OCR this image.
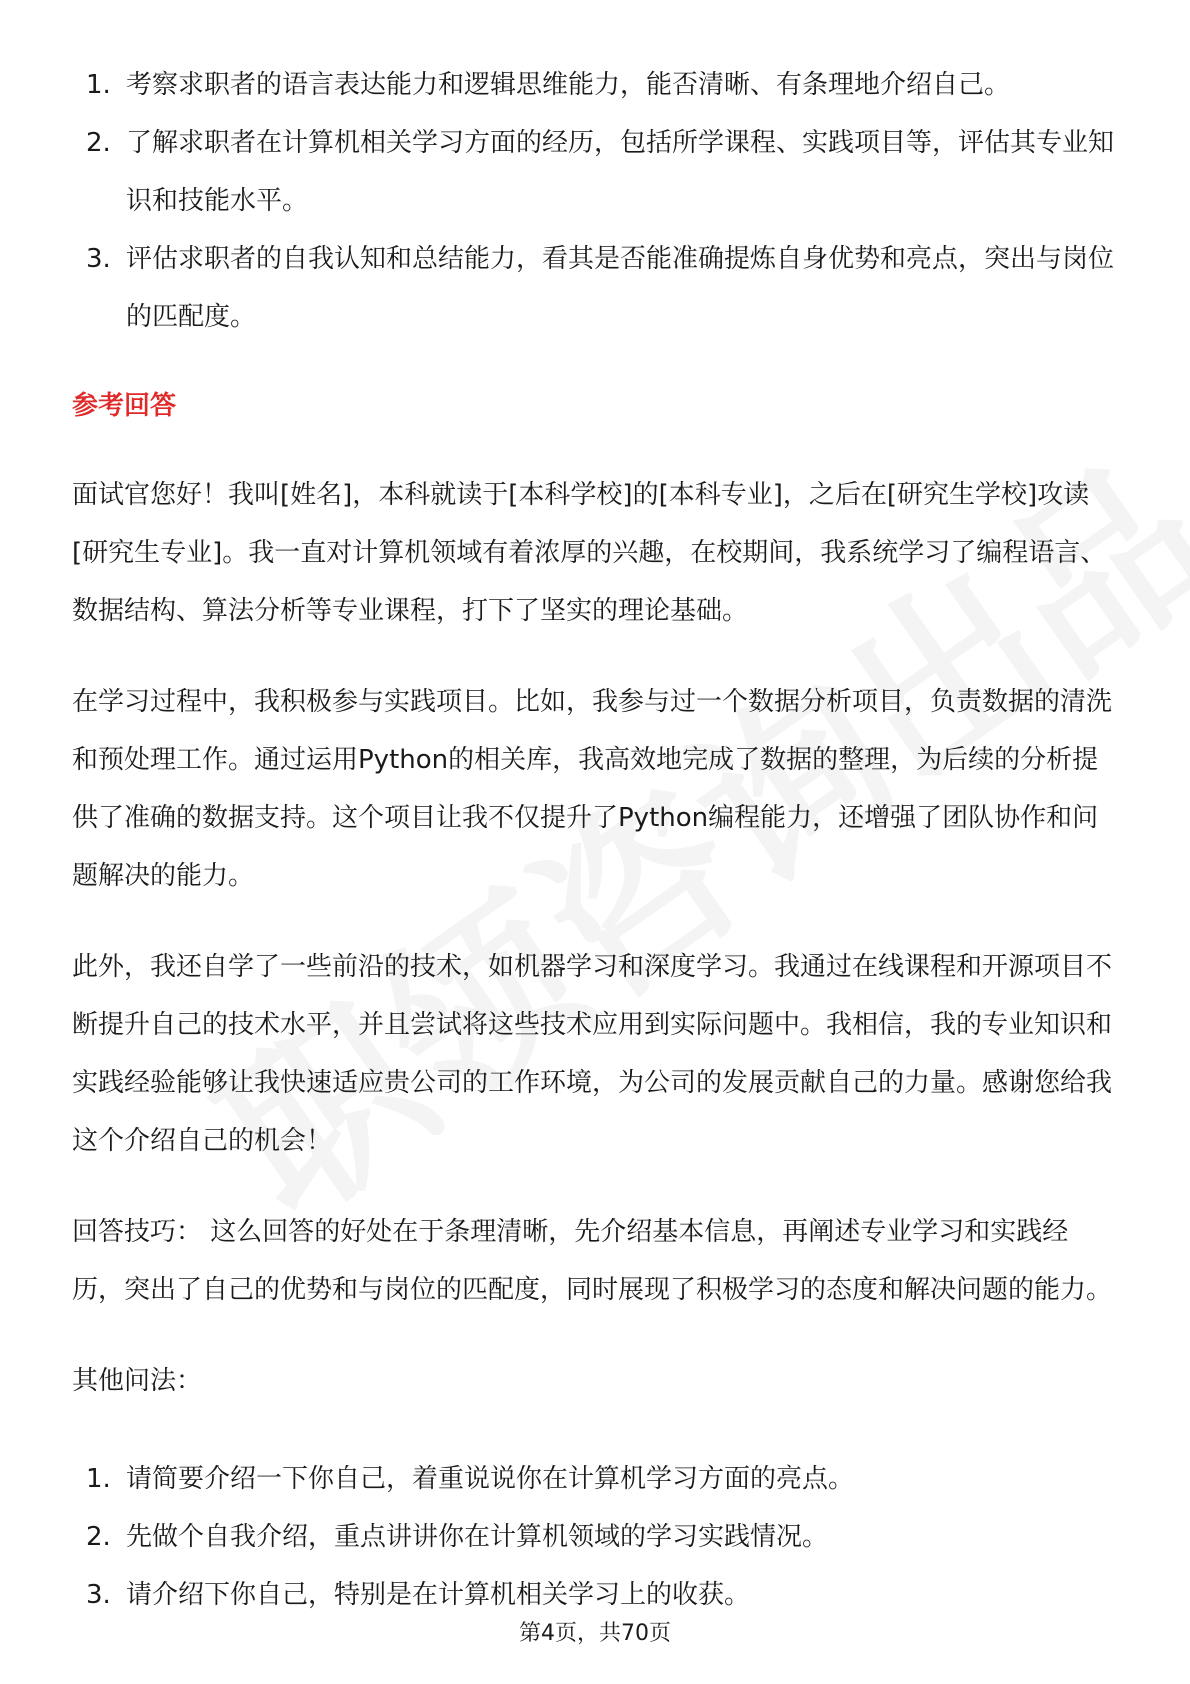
1. 考察求职者的语言表达能力和逻辑思维能力，能否清晰、有条理地介绍自己。
2. 了解求职者在计算机相关学习方面的经历，包括所学课程、实践项目等，评估其专业知识和技能水平。
3. 评估求职者的自我认知和总结能力，看其是否能准确提炼自身优势和亮点，突出与岗位的匹配度。
参考回答

面试官您好！我叫[姓名]，本科就读于[本科学校]的[本科专业]，之后在[研究生学校]攻读[研究生专业]。我一直对计算机领域有着浓厚的兴趣，在校期间，我系统学习了编程语言、数据结构、算法分析等专业课程，打下了坚实的理论基础。

在学习过程中，我积极参与实践项目。比如，我参与过一个数据分析项目，负责数据的清洗和预处理工作。通过运用Python的相关库，我高效地完成了数据的整理，为后续的分析提供了准确的数据支持。这个项目让我不仅提升了Python编程能力，还增强了团队协作和问题解决的能力。

此外，我还自学了一些前沿的技术，如机器学习和深度学习。我通过在线课程和开源项目不断提升自己的技术水平，并且尝试将这些技术应用到实际问题中。我相信，我的专业知识和实践经验能够让我快速适应贵公司的工作环境，为公司的发展贡献自己的力量。感谢您给我这个介绍自己的机会！

回答技巧： 这么回答的好处在于条理清晰，先介绍基本信息，再阐述专业学习和实践经历，突出了自己的优势和与岗位的匹配度，同时展现了积极学习的态度和解决问题的能力。

其他问法：

1. 请简要介绍一下你自己，着重说说你在计算机学习方面的亮点。
2. 先做个自我介绍，重点讲讲你在计算机领域的学习实践情况。
3. 请介绍下你自己，特别是在计算机相关学习上的收获。
第4页，共70页
